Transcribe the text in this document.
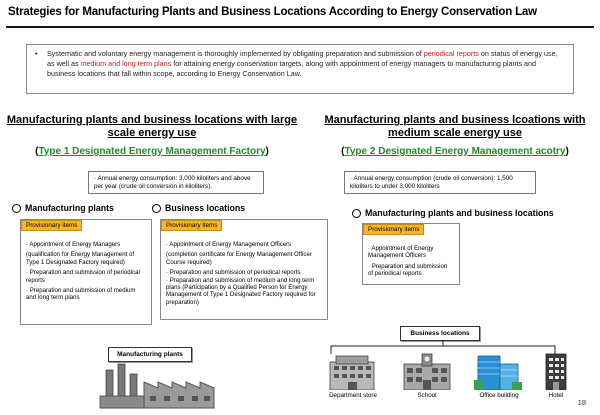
Strategies for Manufacturing Plants and Business Locations According to Energy Conservation Law
• Systematic and voluntary energy management is thoroughly implemented by obligating preparation and submission of periodical reports on status of energy use, as well as medium and long term plans for attaining energy conservation targets, along with appointment of energy managers to manufacturing plants and business locations that fall within scope, according to Energy Conservation Law.
Manufacturing plants and business locations with large
scale energy use
(Type 1 Designated Energy Management Factory)
· Annual energy consumption: 3,000 kiloliters and above per year (crude oil conversion in kiloliters).
Manufacturing plants
Provisionary items

· Appointment of Energy Managers

(qualification for Energy Management of Type 1 Designated Factory required)

· Preparation and submission of periodical reports

· Preparation and submission of medium and long term plans

Business locations
Provisionary items

· Appointment of Energy Management Officers

(completion certificate for Energy Management Officer Course required)

· Preparation and submission of periodical reports

· Preparation and submission of medium and long term plans (Participation by a Qualified Person for Energy Management of Type 1 Designated Factory required for preparation)

Manufacturing plants
Manufacturing plants and business lcoations with
medium scale energy use
(Type 2 Designated Energy Management acotry)
· Annual energy consumption (crude oil conversion): 1,500 kiloliters to under 3,000 kiloliters
Manufacturing plants and business locations
Provisionary items

· Appointment of Energy Management Officers

· Preparation and submission of periodical reports

Business locations
Department store	School	Office building	Hotel
18
